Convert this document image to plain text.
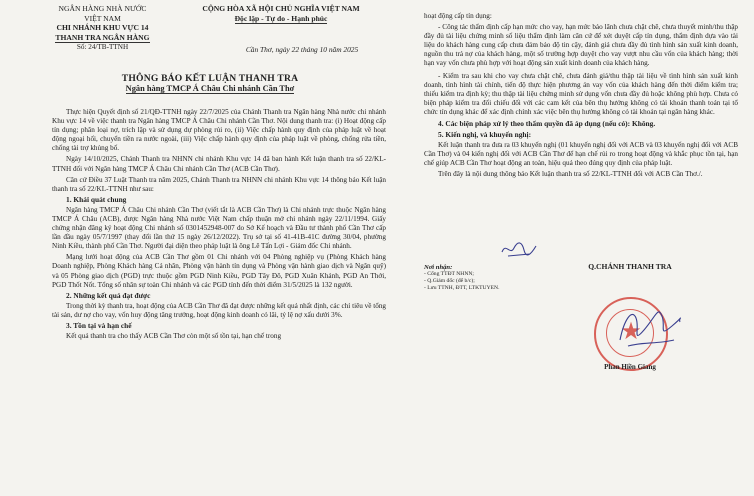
NGÂN HÀNG NHÀ NƯỚC
VIỆT NAM
CHI NHÁNH KHU VỰC 14
THANH TRA NGÂN HÀNG
Số: 24/TB-TTNH
CỘNG HÒA XÃ HỘI CHỦ NGHĨA VIỆT NAM
Độc lập - Tự do - Hạnh phúc
Cần Thơ, ngày 22 tháng 10 năm 2025
THÔNG BÁO KẾT LUẬN THANH TRA
Ngân hàng TMCP Á Châu Chi nhánh Cần Thơ
Thực hiện Quyết định số 21/QĐ-TTNH ngày 22/7/2025 của Chánh Thanh tra Ngân hàng Nhà nước chi nhánh Khu vực 14 về việc thanh tra Ngân hàng TMCP Á Châu Chi nhánh Cần Thơ. Nội dung thanh tra: (i) Hoạt động cấp tín dụng; phân loại nợ, trích lập và sử dụng dự phòng rủi ro, (ii) Việc chấp hành quy định của pháp luật về hoạt động ngoại hối, chuyển tiền ra nước ngoài, (iii) Việc chấp hành quy định của pháp luật về phòng, chống rửa tiền, chống tài trợ khủng bố.
Ngày 14/10/2025, Chánh Thanh tra NHNN chi nhánh Khu vực 14 đã ban hành Kết luận thanh tra số 22/KL-TTNH đối với Ngân hàng TMCP Á Châu Chi nhánh Cần Thơ (ACB Cần Thơ).
Căn cứ Điều 37 Luật Thanh tra năm 2025, Chánh Thanh tra NHNN chi nhánh Khu vực 14 thông báo Kết luận thanh tra số 22/KL-TTNH như sau:
1. Khái quát chung
Ngân hàng TMCP Á Châu Chi nhánh Cần Thơ (viết tắt là ACB Cần Thơ) là Chi nhánh trực thuộc Ngân hàng TMCP Á Châu (ACB), được Ngân hàng Nhà nước Việt Nam chấp thuận mở chi nhánh ngày 22/11/1994. Giấy chứng nhận đăng ký hoạt động Chi nhánh số 0301452948-007 do Sở Kế hoạch và Đầu tư thành phố Cần Thơ cấp lần đầu ngày 05/7/1997 (thay đổi lần thứ 15 ngày 26/12/2022). Trụ sở tại số 41-41B-41C đường 30/04, phường Ninh Kiều, thành phố Cần Thơ. Người đại diện theo pháp luật là ông Lê Tấn Lợi - Giám đốc Chi nhánh.
Mạng lưới hoạt động của ACB Cần Thơ gồm 01 Chi nhánh với 04 Phòng nghiệp vụ (Phòng Khách hàng Doanh nghiệp, Phòng Khách hàng Cá nhân, Phòng vận hành tín dụng và Phòng vận hành giao dịch và Ngân quỹ) và 05 Phòng giao dịch (PGD) trực thuộc gồm PGD Ninh Kiều, PGD Tây Đô, PGD Xuân Khánh, PGD An Thới, PGD Thốt Nốt. Tổng số nhân sự toàn Chi nhánh và các PGD tính đến thời điểm 31/5/2025 là 132 người.
2. Những kết quả đạt được
Trong thời kỳ thanh tra, hoạt động của ACB Cần Thơ đã đạt được những kết quả nhất định, các chỉ tiêu về tổng tài sản, dư nợ cho vay, vốn huy động tăng trưởng, hoạt động kinh doanh có lãi, tỷ lệ nợ xấu dưới 3%.
3. Tồn tại và hạn chế
Kết quả thanh tra cho thấy ACB Cần Thơ còn một số tồn tại, hạn chế trong
hoạt động cấp tín dụng:
- Công tác thẩm định cấp hạn mức cho vay, hạn mức bảo lãnh chưa chặt chẽ, chưa thuyết minh/thu thập đầy đủ tài liệu chứng minh số liệu thẩm định làm căn cứ để xét duyệt cấp tín dụng, thẩm định dựa vào tài liệu do khách hàng cung cấp chưa đảm bảo độ tin cậy, đánh giá chưa đầy đủ tình hình sản xuất kinh doanh, nguồn thu trả nợ của khách hàng, một số trường hợp duyệt cho vay vượt nhu cầu vốn của khách hàng; thời hạn vay vốn chưa phù hợp với hoạt động sản xuất kinh doanh của khách hàng.
- Kiểm tra sau khi cho vay chưa chặt chẽ, chưa đánh giá/thu thập tài liệu về tình hình sản xuất kinh doanh, tình hình tài chính, tiến độ thực hiện phương án vay vốn của khách hàng đến thời điểm kiểm tra; thiếu kiểm tra định kỳ; thu thập tài liệu chứng minh sử dụng vốn chưa đầy đủ hoặc không phù hợp. Chưa có biện pháp kiểm tra đối chiếu đối với các cam kết của bên thụ hưởng không có tài khoản thanh toán tại tổ chức tín dụng khác để xác định chính xác việc bên thụ hưởng không có tài khoản tại ngân hàng khác.
4. Các biện pháp xử lý theo thẩm quyền đã áp dụng (nếu có): Không.
5. Kiến nghị, và khuyến nghị:
Kết luận thanh tra đưa ra 03 khuyến nghị (01 khuyến nghị đối với ACB và 03 khuyến nghị đối với ACB Cần Thơ) và 04 kiến nghị đối với ACB Cần Thơ để hạn chế rủi ro trong hoạt động và khắc phục tồn tại, hạn chế giúp ACB Cần Thơ hoạt động an toàn, hiệu quả theo đúng quy định của pháp luật.
Trên đây là nội dung thông báo Kết luận thanh tra số 22/KL-TTNH đối với ACB Cần Thơ./.
Nơi nhận:
- Cổng TTĐT NHNN;
- Q.Giám đốc (để b/c);
- Lưu TTNH, ĐTT, LTKTUYEN.
Q.CHÁNH THANH TRA
★
Phan Hiền Giang
